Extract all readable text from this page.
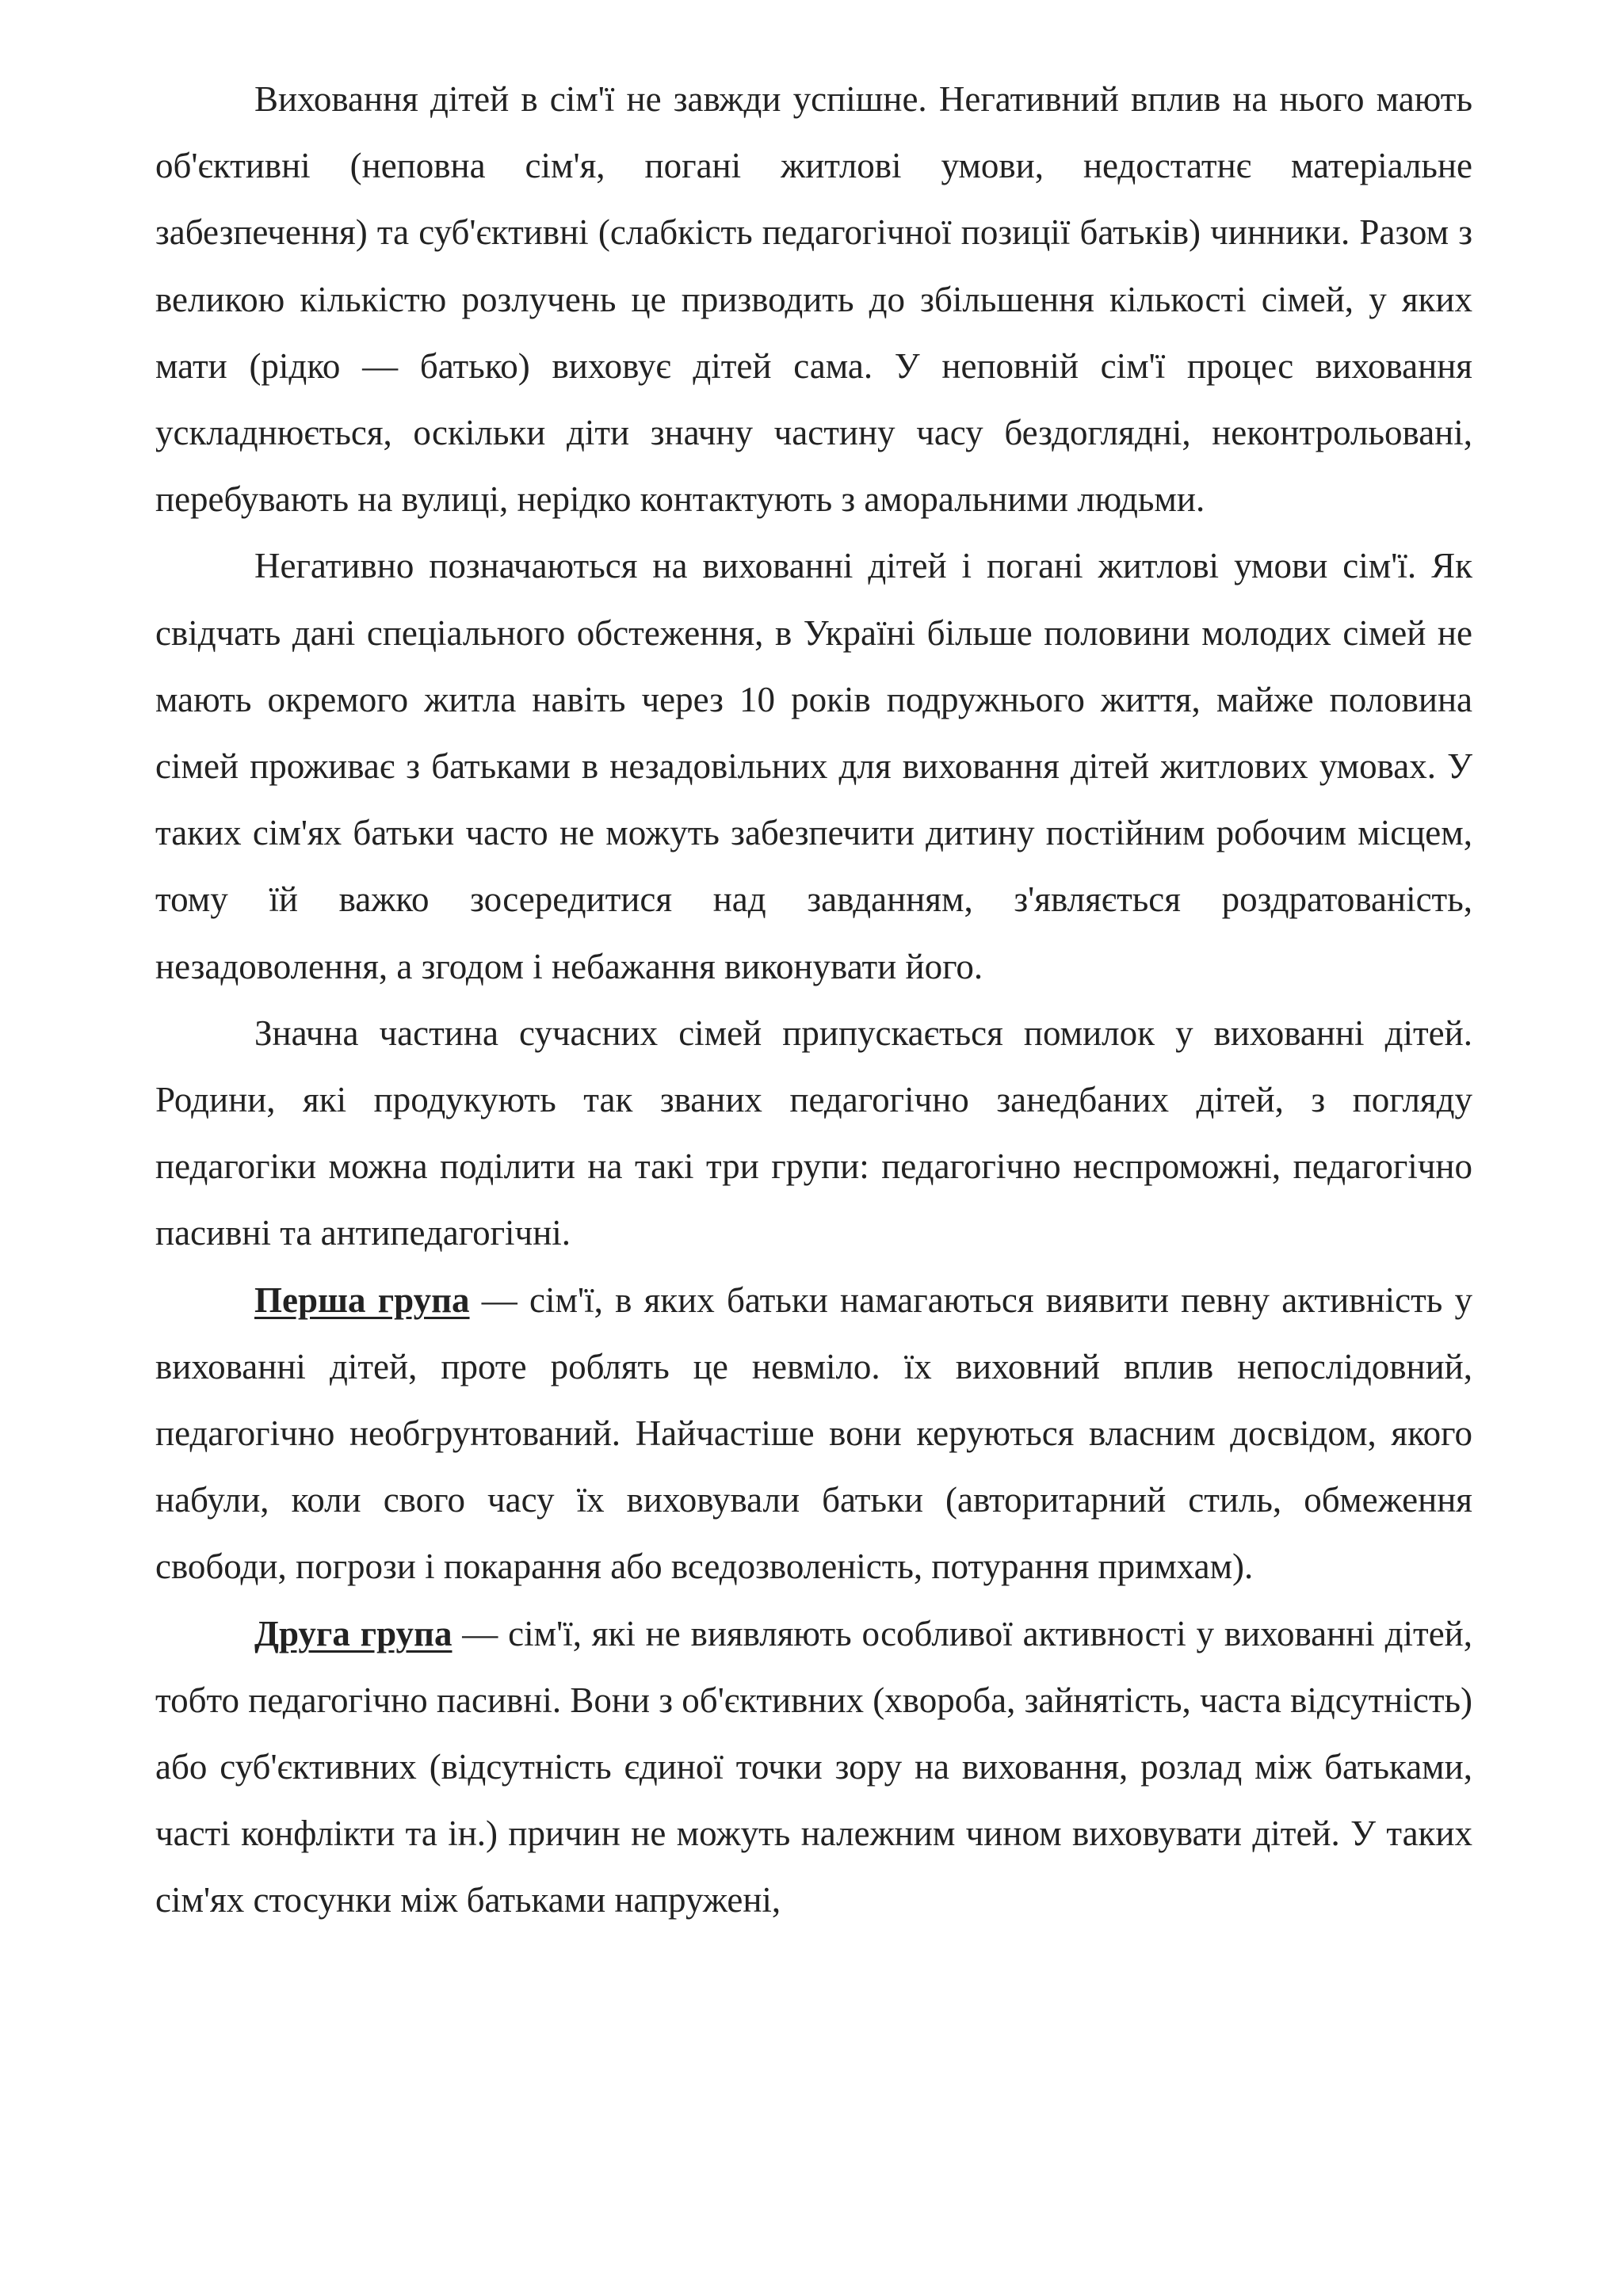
Виховання дітей в сім'ї не завжди успішне. Негативний вплив на нього мають об'єктивні (неповна сім'я, погані житлові умови, недостатнє матеріальне забезпечення) та суб'єктивні (слабкість педагогічної позиції батьків) чинники. Разом з великою кількістю розлучень це призводить до збільшення кількості сімей, у яких мати (рідко — батько) виховує дітей сама. У неповній сім'ї процес виховання ускладнюється, оскільки діти значну частину часу бездоглядні, неконтрольовані, перебувають на вулиці, нерідко контактують з аморальними людьми.

Негативно позначаються на вихованні дітей і погані житлові умови сім'ї. Як свідчать дані спеціального обстеження, в Україні більше половини молодих сімей не мають окремого житла навіть через 10 років подружнього життя, майже половина сімей проживає з батьками в незадовільних для виховання дітей житлових умовах. У таких сім'ях батьки часто не можуть забезпечити дитину постійним робочим місцем, тому їй важко зосередитися над завданням, з'являється роздратованість, незадоволення, а згодом і небажання виконувати його.

Значна частина сучасних сімей припускається помилок у вихованні дітей. Родини, які продукують так званих педагогічно занедбаних дітей, з погляду педагогіки можна поділити на такі три групи: педагогічно неспроможні, педагогічно пасивні та антипедагогічні.

Перша група — сім'ї, в яких батьки намагаються виявити певну активність у вихованні дітей, проте роблять це невміло. їх виховний вплив непослідовний, педагогічно необгрунтований. Найчастіше вони керуються власним досвідом, якого набули, коли свого часу їх виховували батьки (авторитарний стиль, обмеження свободи, погрози і покарання або вседозволеність, потурання примхам).

Друга група — сім'ї, які не виявляють особливої активності у вихованні дітей, тобто педагогічно пасивні. Вони з об'єктивних (хвороба, зайнятість, часта відсутність) або суб'єктивних (відсутність єдиної точки зору на виховання, розлад між батьками, часті конфлікти та ін.) причин не можуть належним чином виховувати дітей. У таких сім'ях стосунки між батьками напружені,
